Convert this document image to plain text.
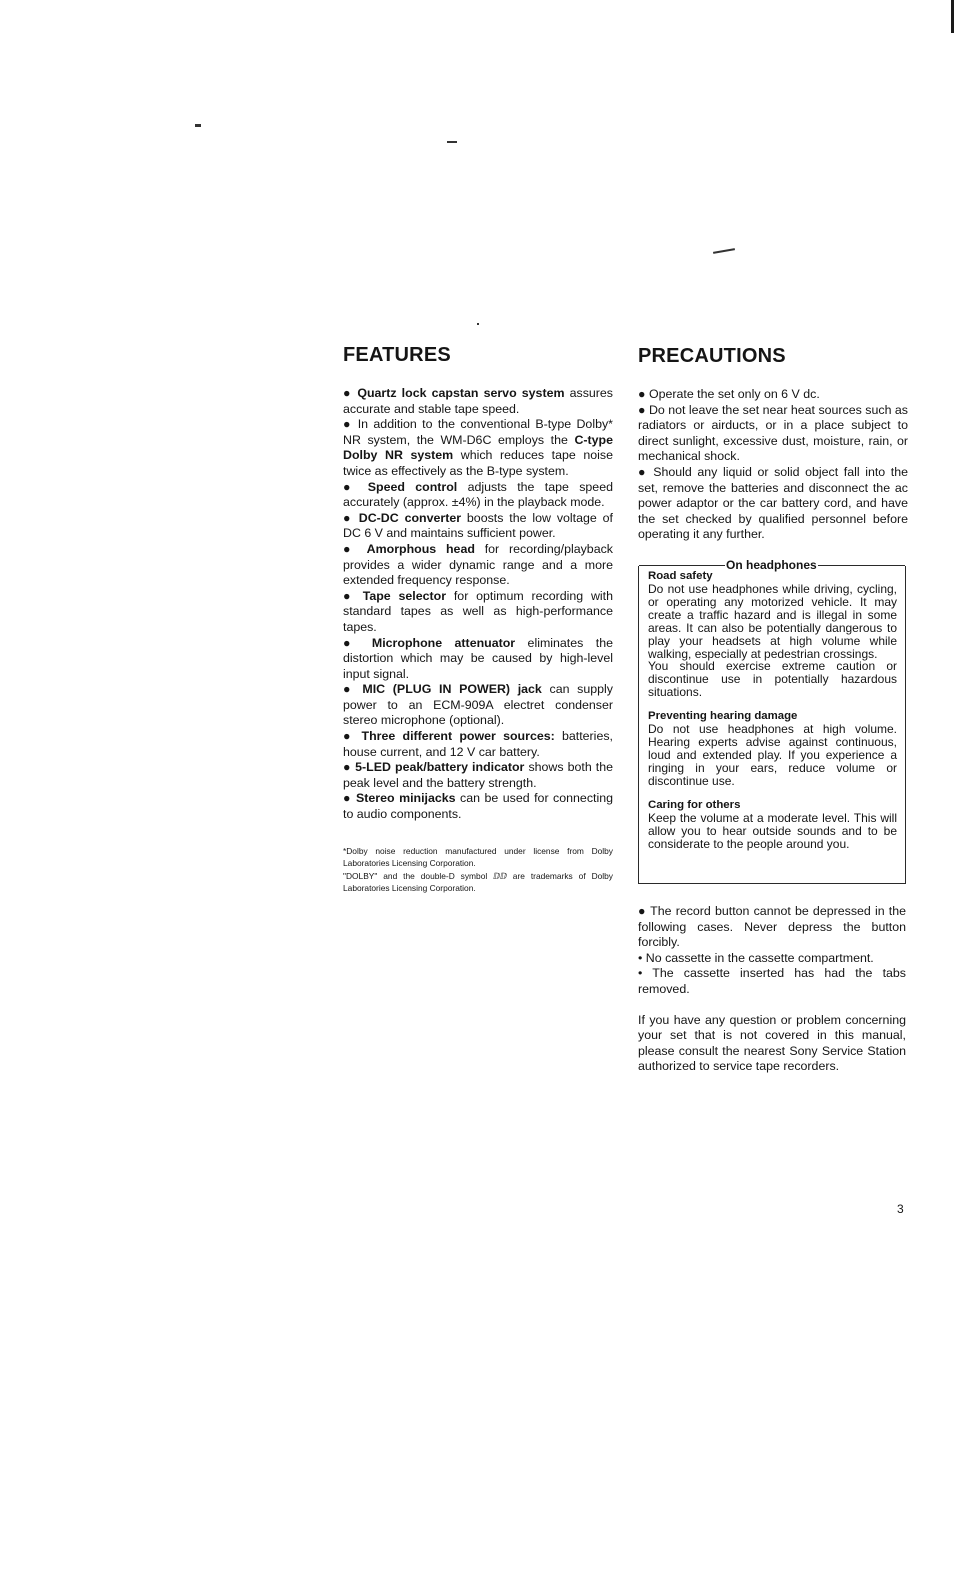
FEATURES

● Quartz lock capstan servo system assures accurate and stable tape speed.

● In addition to the conventional B-type Dolby* NR system, the WM-D6C employs the C-type Dolby NR system which reduces tape noise twice as effectively as the B-type system.

● Speed control adjusts the tape speed accurately (approx. ±4%) in the playback mode.

● DC-DC converter boosts the low voltage of DC 6 V and maintains sufficient power.

● Amorphous head for recording/playback provides a wider dynamic range and a more extended frequency response.

● Tape selector for optimum recording with standard tapes as well as high-performance tapes.

● Microphone attenuator eliminates the distortion which may be caused by high-level input signal.

● MIC (PLUG IN POWER) jack can supply power to an ECM-909A electret condenser stereo microphone (optional).

● Three different power sources: batteries, house current, and 12 V car battery.

● 5-LED peak/battery indicator shows both the peak level and the battery strength.

● Stereo minijacks can be used for connecting to audio components.

*Dolby noise reduction manufactured under license from Dolby Laboratories Licensing Corporation.

"DOLBY" and the double-D symbol ⅅⅅ are trademarks of Dolby Laboratories Licensing Corporation.

PRECAUTIONS

● Operate the set only on 6 V dc.

● Do not leave the set near heat sources such as radiators or airducts, or in a place subject to direct sunlight, excessive dust, moisture, rain, or mechanical shock.

● Should any liquid or solid object fall into the set, remove the batteries and disconnect the ac power adaptor or the car battery cord, and have the set checked by qualified personnel before operating it any further.

On headphones
Road safety

Do not use headphones while driving, cycling, or operating any motorized vehicle. It may create a traffic hazard and is illegal in some areas. It can also be potentially dangerous to play your headsets at high volume while walking, especially at pedestrian crossings.

You should exercise extreme caution or discontinue use in potentially hazardous situations.

Preventing hearing damage

Do not use headphones at high volume. Hearing experts advise against continuous, loud and extended play. If you experience a ringing in your ears, reduce volume or discontinue use.

Caring for others

Keep the volume at a moderate level. This will allow you to hear outside sounds and to be considerate to the people around you.

● The record button cannot be depressed in the following cases. Never depress the button forcibly.

• No cassette in the cassette compartment.

• The cassette inserted has had the tabs removed.

If you have any question or problem concerning your set that is not covered in this manual, please consult the nearest Sony Service Station authorized to service tape recorders.

3
